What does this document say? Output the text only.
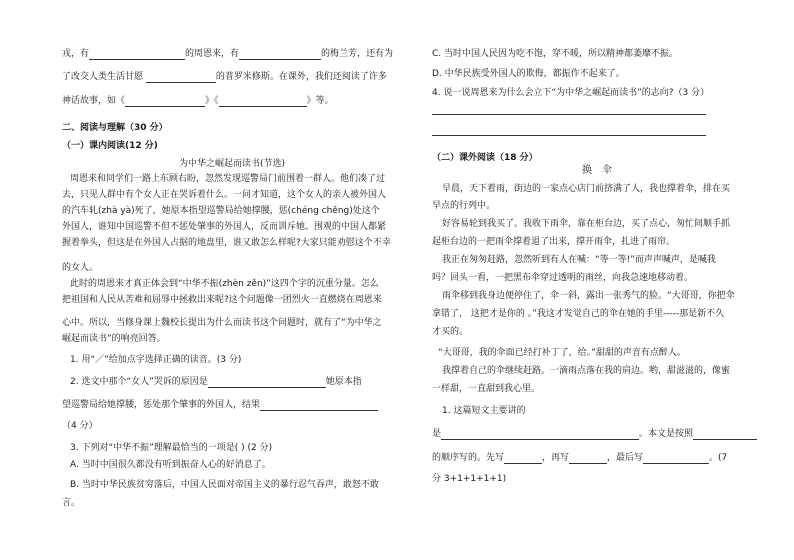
戎，有	的周恩来，有	的梅兰芳，还有为
了改交人类生活甘愿	的普罗米修斯。在课外，我们还阅读了许多
神话故事，如《	》《	》等。
二、阅读与理解（30 分）
（一）课内阅读(12 分)
为中华之崛起而读书(节选)
周恩来和同学们一路上东顾右盼，忽然发现巡警局门前围着一群人。他们凑了过
去，只见人群中有个女人正在哭诉着什么。一问才知道，这个女人的亲人被外国人
的汽车轧(zhà yà)死了，她原本指望巡警局给她撑腰，惩(chéng chěng)处这个
外国人，谁知中国巡警不但不惩处肇事的外国人，反而训斥她。围观的中国人都紧
握着拳头，但这是在外国人占据的地盘里，谁又敢怎么样呢?大家只能劝慰这个不幸
的女人。
此时的周恩来才真正体会到“中华不振(zhèn zěn)”这四个字的沉重分量。怎么
把祖国和人民从苦难和屈辱中拯救出来呢?这个问题像一团烈火一直燃烧在周恩来
心中。所以，当修身课上魏校长提出为什么而读书这个问题时，就有了“为中华之
崛起而读书”的响亮回答。
1. 用“／”给加点字选择正确的读音。(3 分)
2. 选文中那个“女人”哭诉的原因是	她原本指
望巡警局给她撑腰，惩处那个肇事的外国人，结果
（4 分）
3. 下列对“中华不振”理解最恰当的一项是( ) (2 分)
A. 当时中国很久都没有听到振奋人心的好消息了。
B. 当时中华民族贫穷落后，中国人民面对帝国主义的暴行忍气吞声，敢怒不敢
言。
C. 当时中国人民因为吃不饱，穿不暖，所以精神都萎靡不振。
D. 中华民族受外国人的欺侮，都振作不起来了。
4. 说一说周恩来为什么会立下“为中华之崛起而读书”的志向?（3 分）
（二）课外阅读（18 分）
换　伞
早晨，天下着雨，街边的一家点心店门前挤满了人，我也撑着伞，排在买
早点的行列中。
好容易轮到我买了。我收下雨伞，靠在柜台边，买了点心，匆忙间顺手抓
起柜台边的一把雨伞撑着退了出来，撑开雨伞，扎进了雨帘。
我正在匆匆赶路，忽然听到有人在喊：“等一等!”而声声喊声，是喊我
吗？回头一看，一把黑布伞穿过透明的雨丝，向我急速地移动着。
雨伞移到我身边便停住了，伞一斜，露出一张秀气的脸。“大哥哥，你把伞
拿错了， 这把才是你的 。”我这才发觉自己的伞在她的手里-----那是新不久
才买的。
“大哥哥，我的伞面已经打补丁了，给。”甜甜的声音有点醉人。
我撑着自己的伞继续赶路。一滴雨点落在我的肩边。哟，甜滋滋的，像蜜
一样甜，一直甜到我心里。
1. 这篇短文主要讲的
是	。本文是按照
的顺序写的。先写	，再写	，最后写	。(7
分 3+1+1+1+1)
